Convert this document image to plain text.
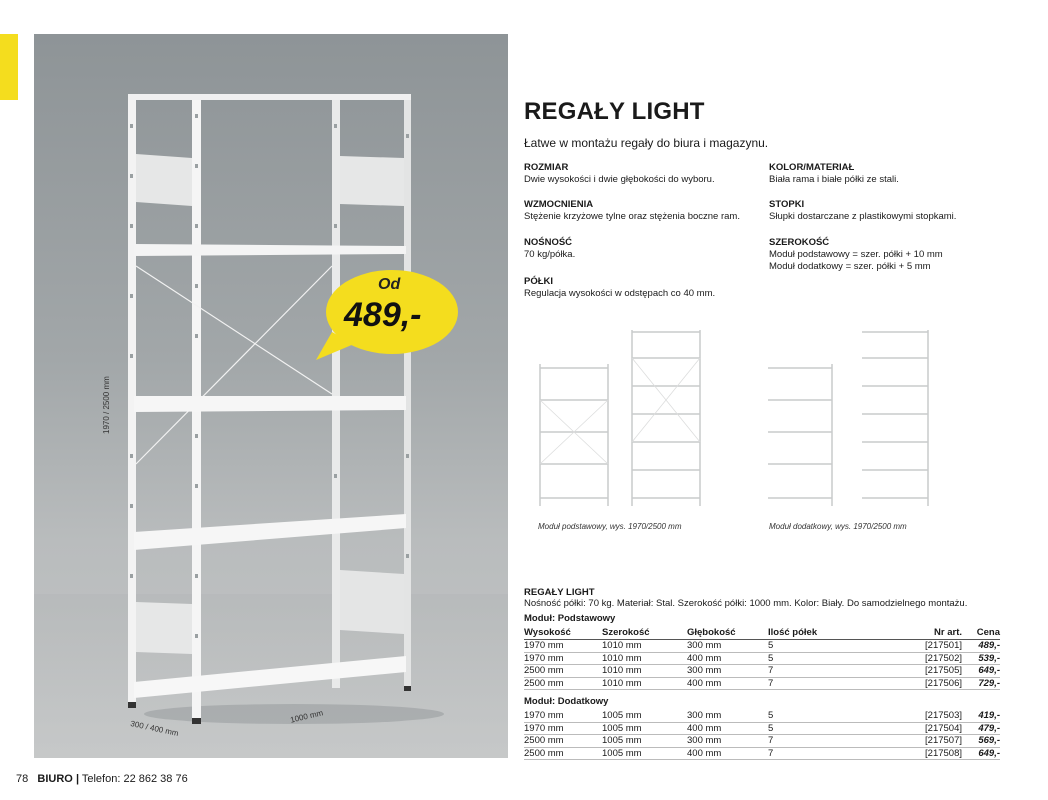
1970 / 2500 mm
1000 mm
300 / 400 mm
Od
489,-
REGAŁY LIGHT
Łatwe w montażu regały do biura i magazynu.
ROZMIAR
Dwie wysokości i dwie głębokości do wyboru.
WZMOCNIENIA
Stężenie krzyżowe tylne oraz stężenia boczne ram.
NOŚNOŚĆ
70 kg/półka.
PÓŁKI
Regulacja wysokości w odstępach co 40 mm.
KOLOR/MATERIAŁ
Biała rama i białe półki ze stali.
STOPKI
Słupki dostarczane z plastikowymi stopkami.
SZEROKOŚĆ
Moduł podstawowy = szer. półki + 10 mm
Moduł dodatkowy = szer. półki + 5 mm
Moduł podstawowy, wys. 1970/2500 mm	Moduł dodatkowy, wys. 1970/2500 mm
REGAŁY LIGHT
Nośność półki: 70 kg. Materiał: Stal. Szerokość półki: 1000 mm. Kolor: Biały. Do samodzielnego montażu.
Moduł: Podstawowy
Wysokość	Szerokość	Głębokość	Ilość półek	Nr art.	Cena
1970 mm	1010 mm	300 mm	5	[217501]	489,-
1970 mm	1010 mm	400 mm	5	[217502]	539,-
2500 mm	1010 mm	300 mm	7	[217505]	649,-
2500 mm	1010 mm	400 mm	7	[217506]	729,-
Moduł: Dodatkowy
1970 mm	1005 mm	300 mm	5	[217503]	419,-
1970 mm	1005 mm	400 mm	5	[217504]	479,-
2500 mm	1005 mm	300 mm	7	[217507]	569,-
2500 mm	1005 mm	400 mm	7	[217508]	649,-
78 BIURO | Telefon: 22 862 38 76
